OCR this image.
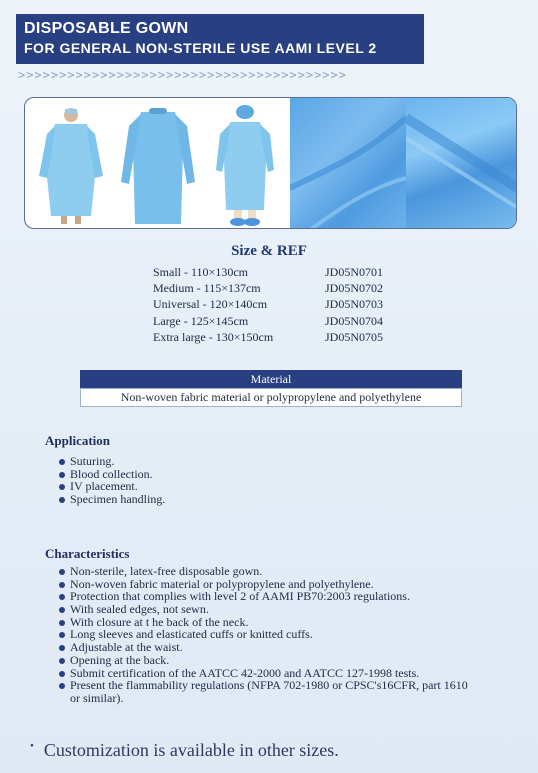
DISPOSABLE GOWN
FOR GENERAL NON-STERILE USE AAMI LEVEL 2
>>>>>>>>>>>>>>>>>>>>>>>>>>>>>>>>>>>>>>>>
Size & REF
Small - 110×130cm	JD05N0701
Medium - 115×137cm	JD05N0702
Universal - 120×140cm	JD05N0703
Large - 125×145cm	JD05N0704
Extra large - 130×150cm	JD05N0705
Material
Non-woven fabric material or polypropylene and polyethylene
Application
Suturing.
Blood collection.
IV placement.
Specimen handling.
Characteristics
Non-sterile, latex-free disposable gown.
Non-woven fabric material or polypropylene and polyethylene.
Protection that complies with level 2 of AAMI PB70:2003 regulations.
With sealed edges, not sewn.
With closure at t he back of the neck.
Long sleeves and elasticated cuffs or knitted cuffs.
Adjustable at the waist.
Opening at the back.
Submit certification of the AATCC 42-2000 and AATCC 127-1998 tests.
Present the flammability regulations (NFPA 702-1980 or CPSC's16CFR, part 1610 or similar).
• Customization is available in other sizes.
